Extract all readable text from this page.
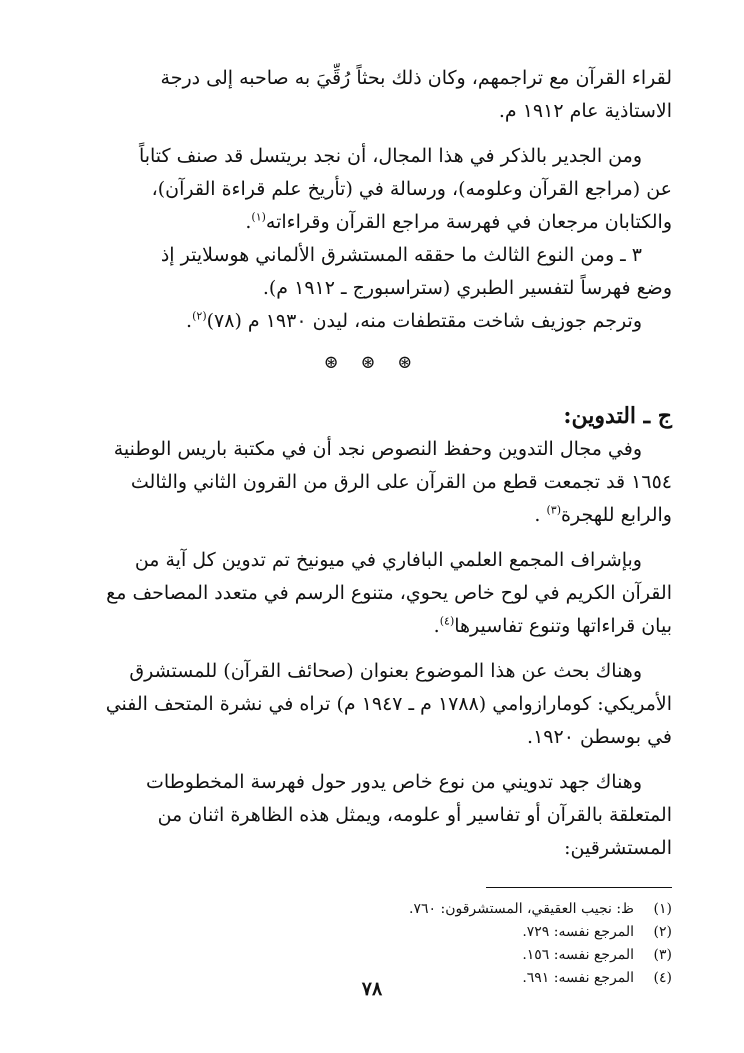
لقراء القرآن مع تراجمهم، وكان ذلك بحثاً رُقِّيَ به صاحبه إلى درجة
الاستاذية عام ١٩١٢ م.

ومن الجدير بالذكر في هذا المجال، أن نجد بريتسل قد صنف كتاباً
عن (مراجع القرآن وعلومه)، ورسالة في (تأريخ علم قراءة القرآن)،
والكتابان مرجعان في فهرسة مراجع القرآن وقراءاته$^{(١)}$.

٣ ـ ومن النوع الثالث ما حققه المستشرق الألماني هوسلايتر إذ
وضع فهرساً لتفسير الطبري (ستراسبورج ـ ١٩١٢ م).

وترجم جوزيف شاخت مقتطفات منه، ليدن ١٩٣٠ م (٧٨)$^{(٢)}$.

⊛ ⊛ ⊛
ج ـ التدوين:

وفي مجال التدوين وحفظ النصوص نجد أن في مكتبة باريس الوطنية
١٦٥٤ قد تجمعت قطع من القرآن على الرق من القرون الثاني والثالث
والرابع للهجرة$^{(٣)}$ .

وبإشراف المجمع العلمي البافاري في ميونيخ تم تدوين كل آية من
القرآن الكريم في لوح خاص يحوي، متنوع الرسم في متعدد المصاحف مع
بيان قراءاتها وتنوع تفاسيرها$^{(٤)}$.

وهناك بحث عن هذا الموضوع بعنوان (صحائف القرآن) للمستشرق
الأمريكي: كومارازوامي (١٧٨٨ م ـ ١٩٤٧ م) تراه في نشرة المتحف الفني
في بوسطن ١٩٢٠.

وهناك جهد تدويني من نوع خاص يدور حول فهرسة المخطوطات
المتعلقة بالقرآن أو تفاسير أو علومه، ويمثل هذه الظاهرة اثنان من
المستشرقين:

(١)
ظ: نجيب العقيقي، المستشرقون: ٧٦٠.
(٢)
المرجع نفسه: ٧٢٩.
(٣)
المرجع نفسه: ١٥٦.
(٤)
المرجع نفسه: ٦٩١.
٧٨
